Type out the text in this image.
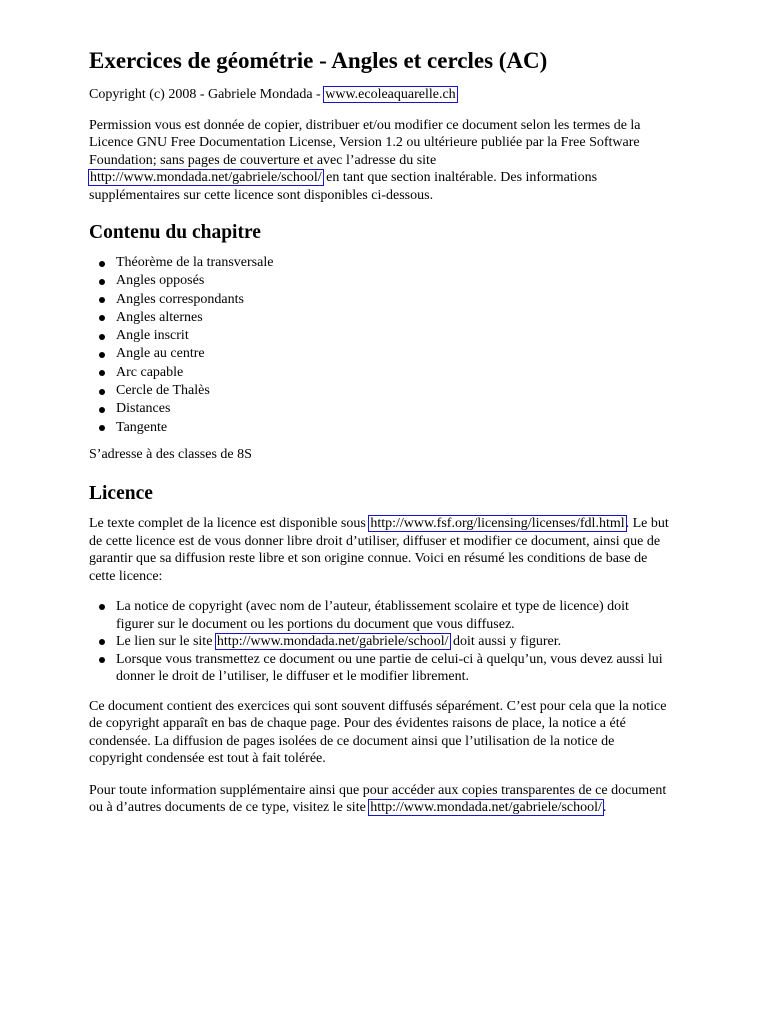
Exercices de géométrie - Angles et cercles (AC)

Copyright (c) 2008 - Gabriele Mondada - www.ecoleaquarelle.ch

Permission vous est donnée de copier, distribuer et/ou modifier ce document selon les termes de la Licence GNU Free Documentation License, Version 1.2 ou ultérieure publiée par la Free Software Foundation; sans pages de couverture et avec l’adresse du site http://www.mondada.net/gabriele/school/ en tant que section inaltérable. Des informations supplémentaires sur cette licence sont disponibles ci-dessous.

Contenu du chapitre
Théorème de la transversale
Angles opposés
Angles correspondants
Angles alternes
Angle inscrit
Angle au centre
Arc capable
Cercle de Thalès
Distances
Tangente

S’adresse à des classes de 8S

Licence

Le texte complet de la licence est disponible sous http://www.fsf.org/licensing/licenses/fdl.html. Le but de cette licence est de vous donner libre droit d’utiliser, diffuser et modifier ce document, ainsi que de garantir que sa diffusion reste libre et son origine connue. Voici en résumé les conditions de base de cette licence:

La notice de copyright (avec nom de l’auteur, établissement scolaire et type de licence) doit figurer sur le document ou les portions du document que vous diffusez.
Le lien sur le site http://www.mondada.net/gabriele/school/ doit aussi y figurer.
Lorsque vous transmettez ce document ou une partie de celui-ci à quelqu’un, vous devez aussi lui donner le droit de l’utiliser, le diffuser et le modifier librement.

Ce document contient des exercices qui sont souvent diffusés séparément. C’est pour cela que la notice de copyright apparaît en bas de chaque page. Pour des évidentes raisons de place, la notice a été condensée. La diffusion de pages isolées de ce document ainsi que l’utilisation de la notice de copyright condensée est tout à fait tolérée.

Pour toute information supplémentaire ainsi que pour accéder aux copies transparentes de ce document ou à d’autres documents de ce type, visitez le site http://www.mondada.net/gabriele/school/.
